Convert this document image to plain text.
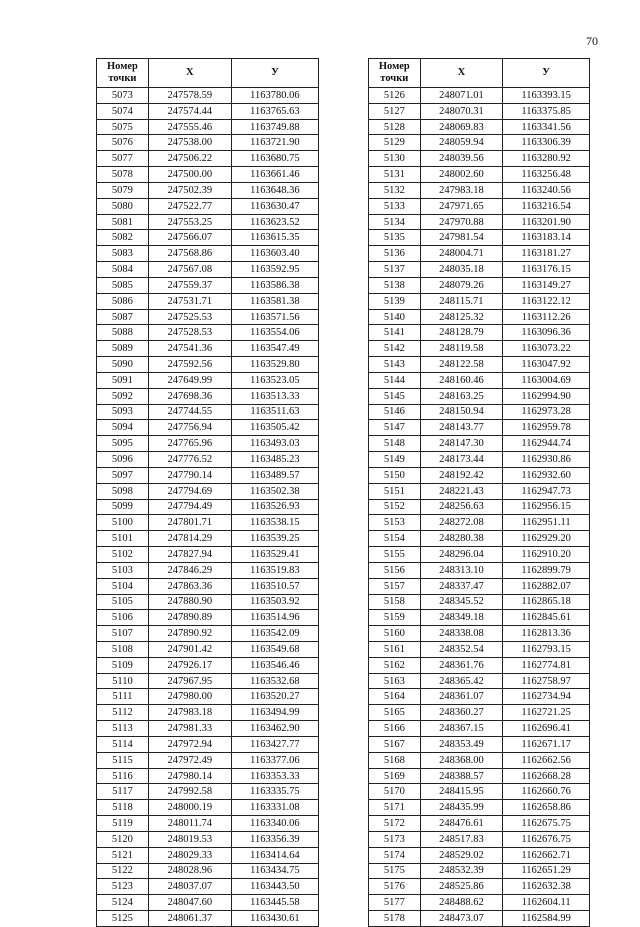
70
Номер
точки	X	У
5073	247578.59	1163780.06
5074	247574.44	1163765.63
5075	247555.46	1163749.88
5076	247538.00	1163721.90
5077	247506.22	1163680.75
5078	247500.00	1163661.46
5079	247502.39	1163648.36
5080	247522.77	1163630.47
5081	247553.25	1163623.52
5082	247566.07	1163615.35
5083	247568.86	1163603.40
5084	247567.08	1163592.95
5085	247559.37	1163586.38
5086	247531.71	1163581.38
5087	247525.53	1163571.56
5088	247528.53	1163554.06
5089	247541.36	1163547.49
5090	247592.56	1163529.80
5091	247649.99	1163523.05
5092	247698.36	1163513.33
5093	247744.55	1163511.63
5094	247756.94	1163505.42
5095	247765.96	1163493.03
5096	247776.52	1163485.23
5097	247790.14	1163489.57
5098	247794.69	1163502.38
5099	247794.49	1163526.93
5100	247801.71	1163538.15
5101	247814.29	1163539.25
5102	247827.94	1163529.41
5103	247846.29	1163519.83
5104	247863.36	1163510.57
5105	247880.90	1163503.92
5106	247890.89	1163514.96
5107	247890.92	1163542.09
5108	247901.42	1163549.68
5109	247926.17	1163546.46
5110	247967.95	1163532.68
5111	247980.00	1163520.27
5112	247983.18	1163494.99
5113	247981.33	1163462.90
5114	247972.94	1163427.77
5115	247972.49	1163377.06
5116	247980.14	1163353.33
5117	247992.58	1163335.75
5118	248000.19	1163331.08
5119	248011.74	1163340.06
5120	248019.53	1163356.39
5121	248029.33	1163414.64
5122	248028.96	1163434.75
5123	248037.07	1163443.50
5124	248047.60	1163445.58
5125	248061.37	1163430.61
Номер
точки	X	У
5126	248071.01	1163393.15
5127	248070.31	1163375.85
5128	248069.83	1163341.56
5129	248059.94	1163306.39
5130	248039.56	1163280.92
5131	248002.60	1163256.48
5132	247983.18	1163240.56
5133	247971.65	1163216.54
5134	247970.88	1163201.90
5135	247981.54	1163183.14
5136	248004.71	1163181.27
5137	248035.18	1163176.15
5138	248079.26	1163149.27
5139	248115.71	1163122.12
5140	248125.32	1163112.26
5141	248128.79	1163096.36
5142	248119.58	1163073.22
5143	248122.58	1163047.92
5144	248160.46	1163004.69
5145	248163.25	1162994.90
5146	248150.94	1162973.28
5147	248143.77	1162959.78
5148	248147.30	1162944.74
5149	248173.44	1162930.86
5150	248192.42	1162932.60
5151	248221.43	1162947.73
5152	248256.63	1162956.15
5153	248272.08	1162951.11
5154	248280.38	1162929.20
5155	248296.04	1162910.20
5156	248313.10	1162899.79
5157	248337.47	1162882.07
5158	248345.52	1162865.18
5159	248349.18	1162845.61
5160	248338.08	1162813.36
5161	248352.54	1162793.15
5162	248361.76	1162774.81
5163	248365.42	1162758.97
5164	248361.07	1162734.94
5165	248360.27	1162721.25
5166	248367.15	1162696.41
5167	248353.49	1162671.17
5168	248368.00	1162662.56
5169	248388.57	1162668.28
5170	248415.95	1162660.76
5171	248435.99	1162658.86
5172	248476.61	1162675.75
5173	248517.83	1162676.75
5174	248529.02	1162662.71
5175	248532.39	1162651.29
5176	248525.86	1162632.38
5177	248488.62	1162604.11
5178	248473.07	1162584.99
